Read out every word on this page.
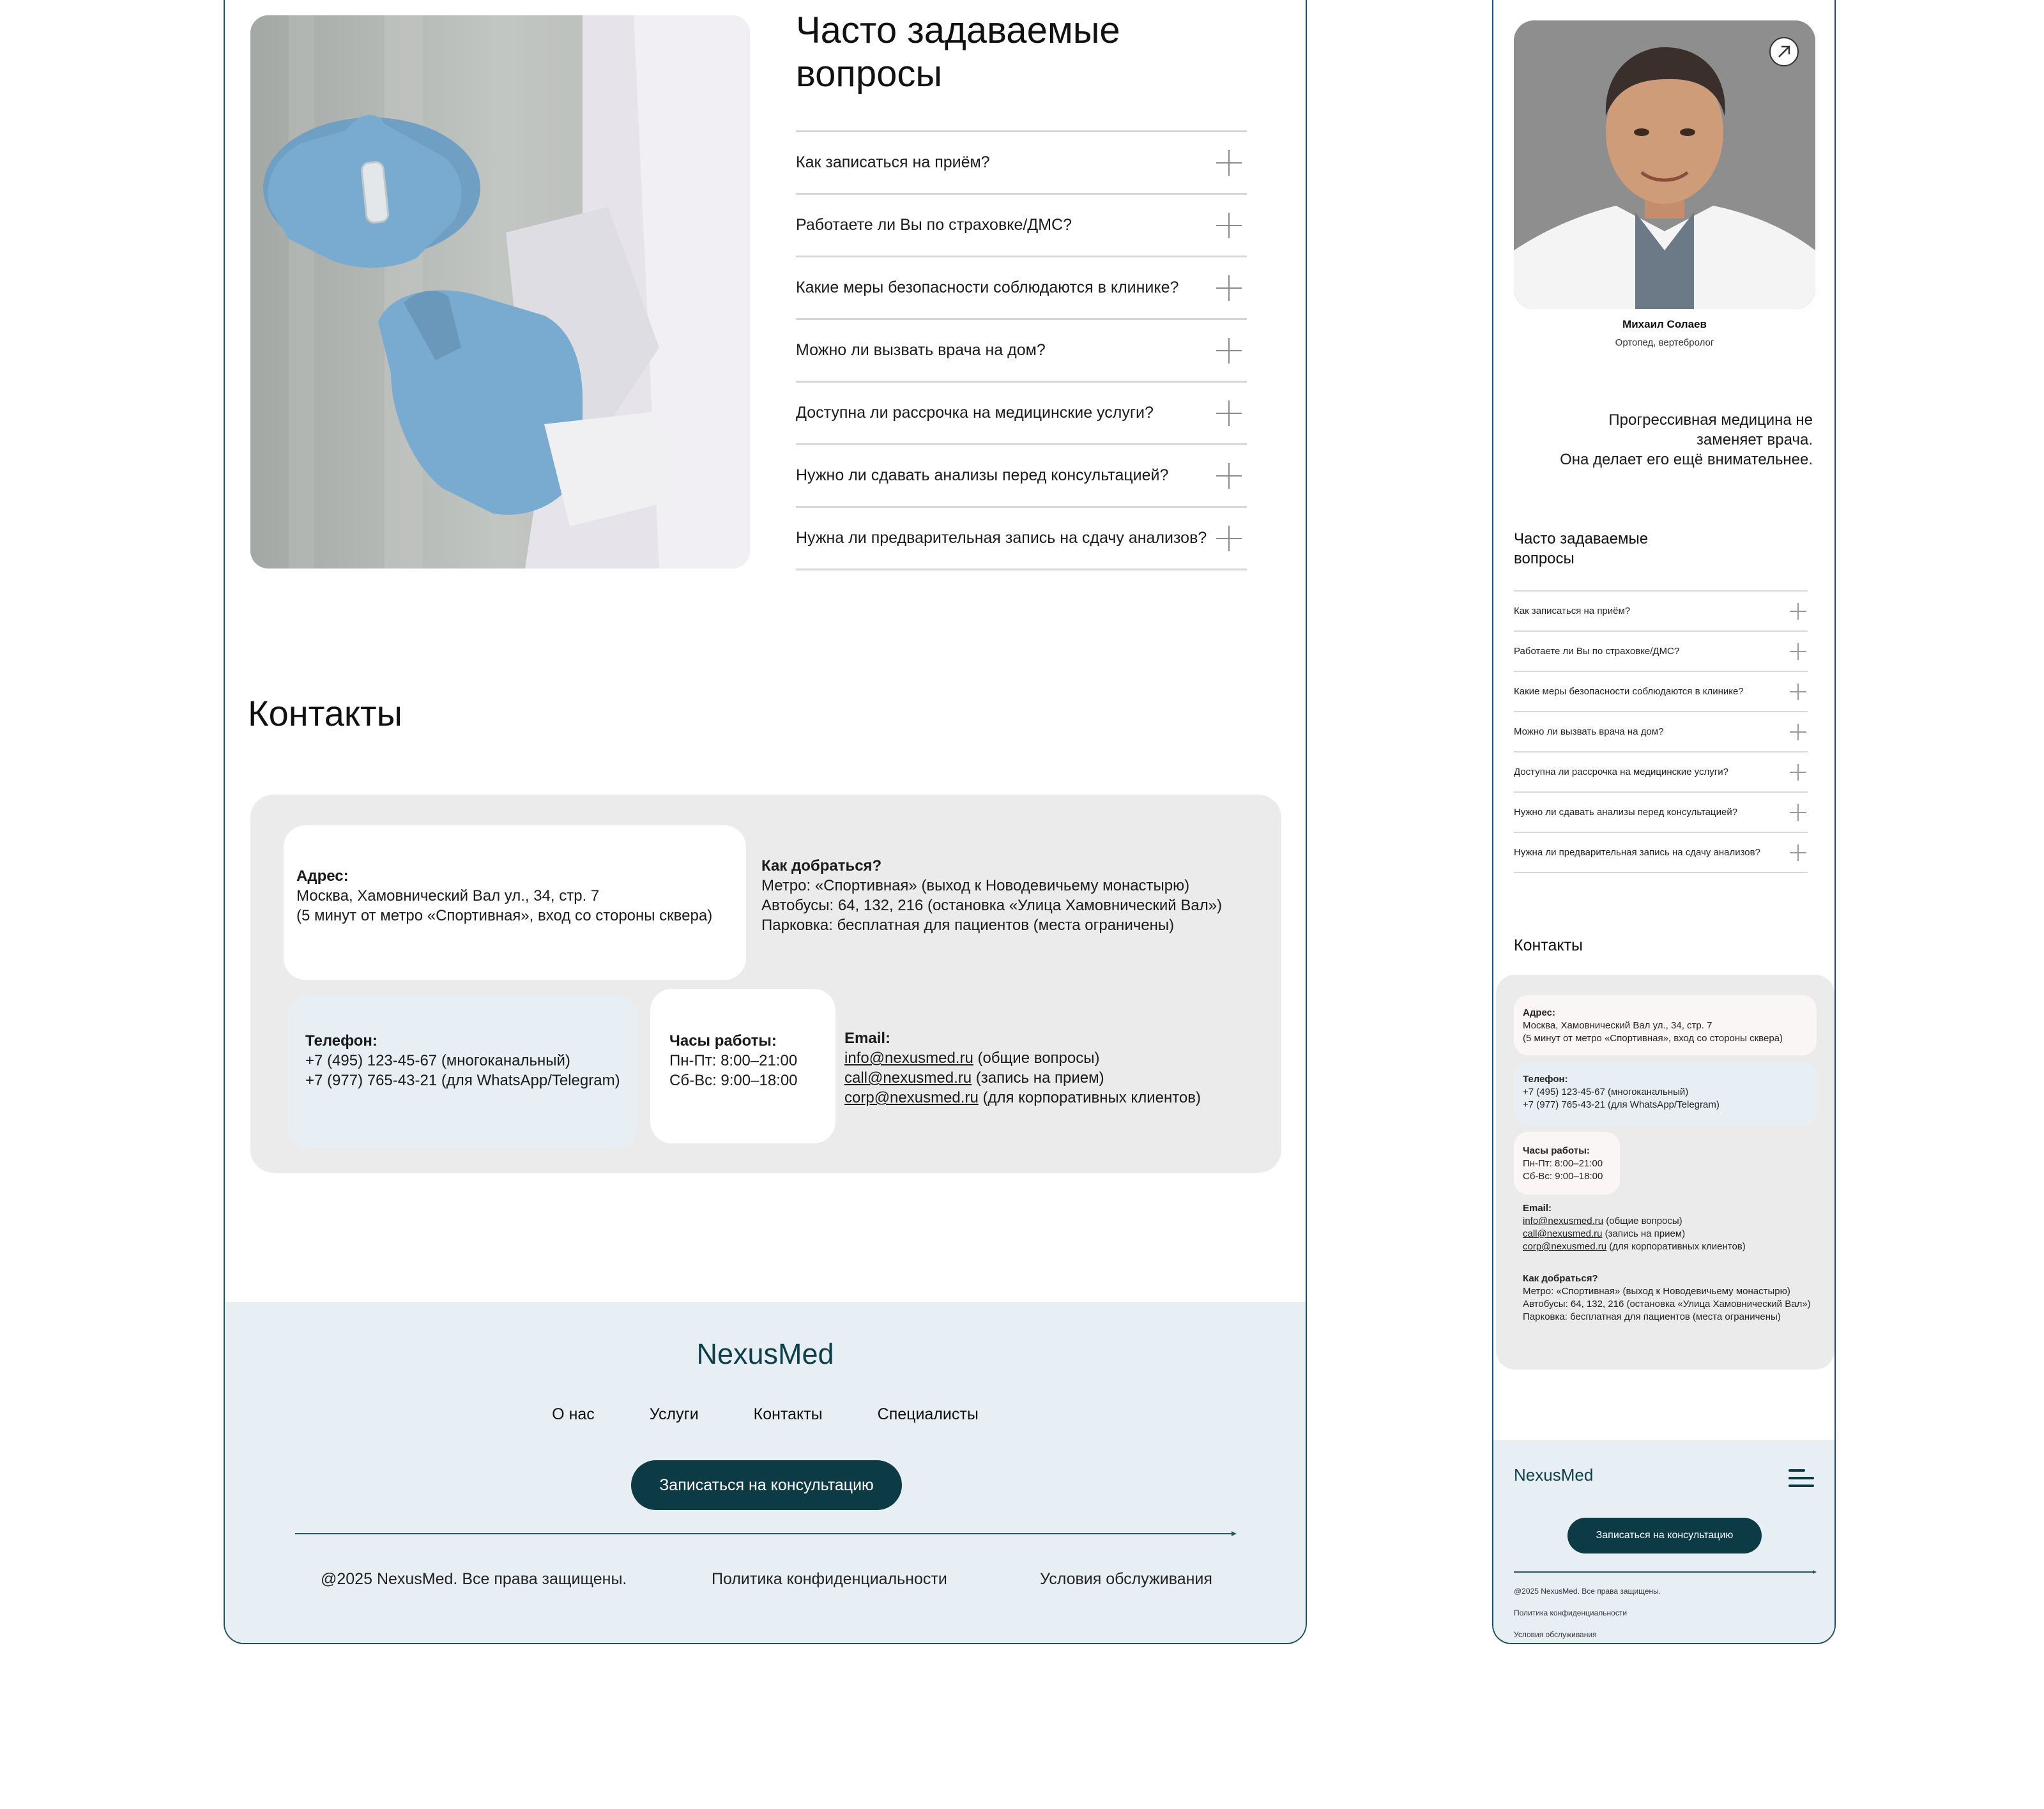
Часто задаваемые вопросы
Как записаться на приём?
Работаете ли Вы по страховке/ДМС?
Какие меры безопасности соблюдаются в клинике?
Можно ли вызвать врача на дом?
Доступна ли рассрочка на медицинские услуги?
Нужно ли сдавать анализы перед консультацией?
Нужна ли предварительная запись на сдачу анализов?
Контакты
Адрес:
Москва, Хамовнический Вал ул., 34, стр. 7
(5 минут от метро «Спортивная», вход со стороны сквера)
Как добраться?
Метро: «Спортивная» (выход к Новодевичьему монастырю)
Автобусы: 64, 132, 216 (остановка «Улица Хамовнический Вал»)
Парковка: бесплатная для пациентов (места ограничены)
Телефон:
+7 (495) 123-45-67 (многоканальный)
+7 (977) 765-43-21 (для WhatsApp/Telegram)
Часы работы:
Пн-Пт: 8:00–21:00
Сб-Вс: 9:00–18:00
Email:
info@nexusmed.ru (общие вопросы)
call@nexusmed.ru (запись на прием)
corp@nexusmed.ru (для корпоративных клиентов)
NexusMed
О нас	Услуги	Контакты	Специалисты
Записаться на консультацию
@2025 NexusMed. Все права защищены.	Политика конфиденциальности	Условия обслуживания
Михаил Солаев
Ортопед, вертебролог
Прогрессивная медицина не
заменяет врача.
Она делает его ещё внимательнее.
Часто задаваемые вопросы
Как записаться на приём?
Работаете ли Вы по страховке/ДМС?
Какие меры безопасности соблюдаются в клинике?
Можно ли вызвать врача на дом?
Доступна ли рассрочка на медицинские услуги?
Нужно ли сдавать анализы перед консультацией?
Нужна ли предварительная запись на сдачу анализов?
Контакты
Адрес:
Москва, Хамовнический Вал ул., 34, стр. 7
(5 минут от метро «Спортивная», вход со стороны сквера)
Телефон:
+7 (495) 123-45-67 (многоканальный)
+7 (977) 765-43-21 (для WhatsApp/Telegram)
Часы работы:
Пн-Пт: 8:00–21:00
Сб-Вс: 9:00–18:00
Email:
info@nexusmed.ru (общие вопросы)
call@nexusmed.ru (запись на прием)
corp@nexusmed.ru (для корпоративных клиентов)
Как добраться?
Метро: «Спортивная» (выход к Новодевичьему монастырю)
Автобусы: 64, 132, 216 (остановка «Улица Хамовнический Вал»)
Парковка: бесплатная для пациентов (места ограничены)
NexusMed
Записаться на консультацию
@2025 NexusMed. Все права защищены.
Политика конфиденциальности
Условия обслуживания
